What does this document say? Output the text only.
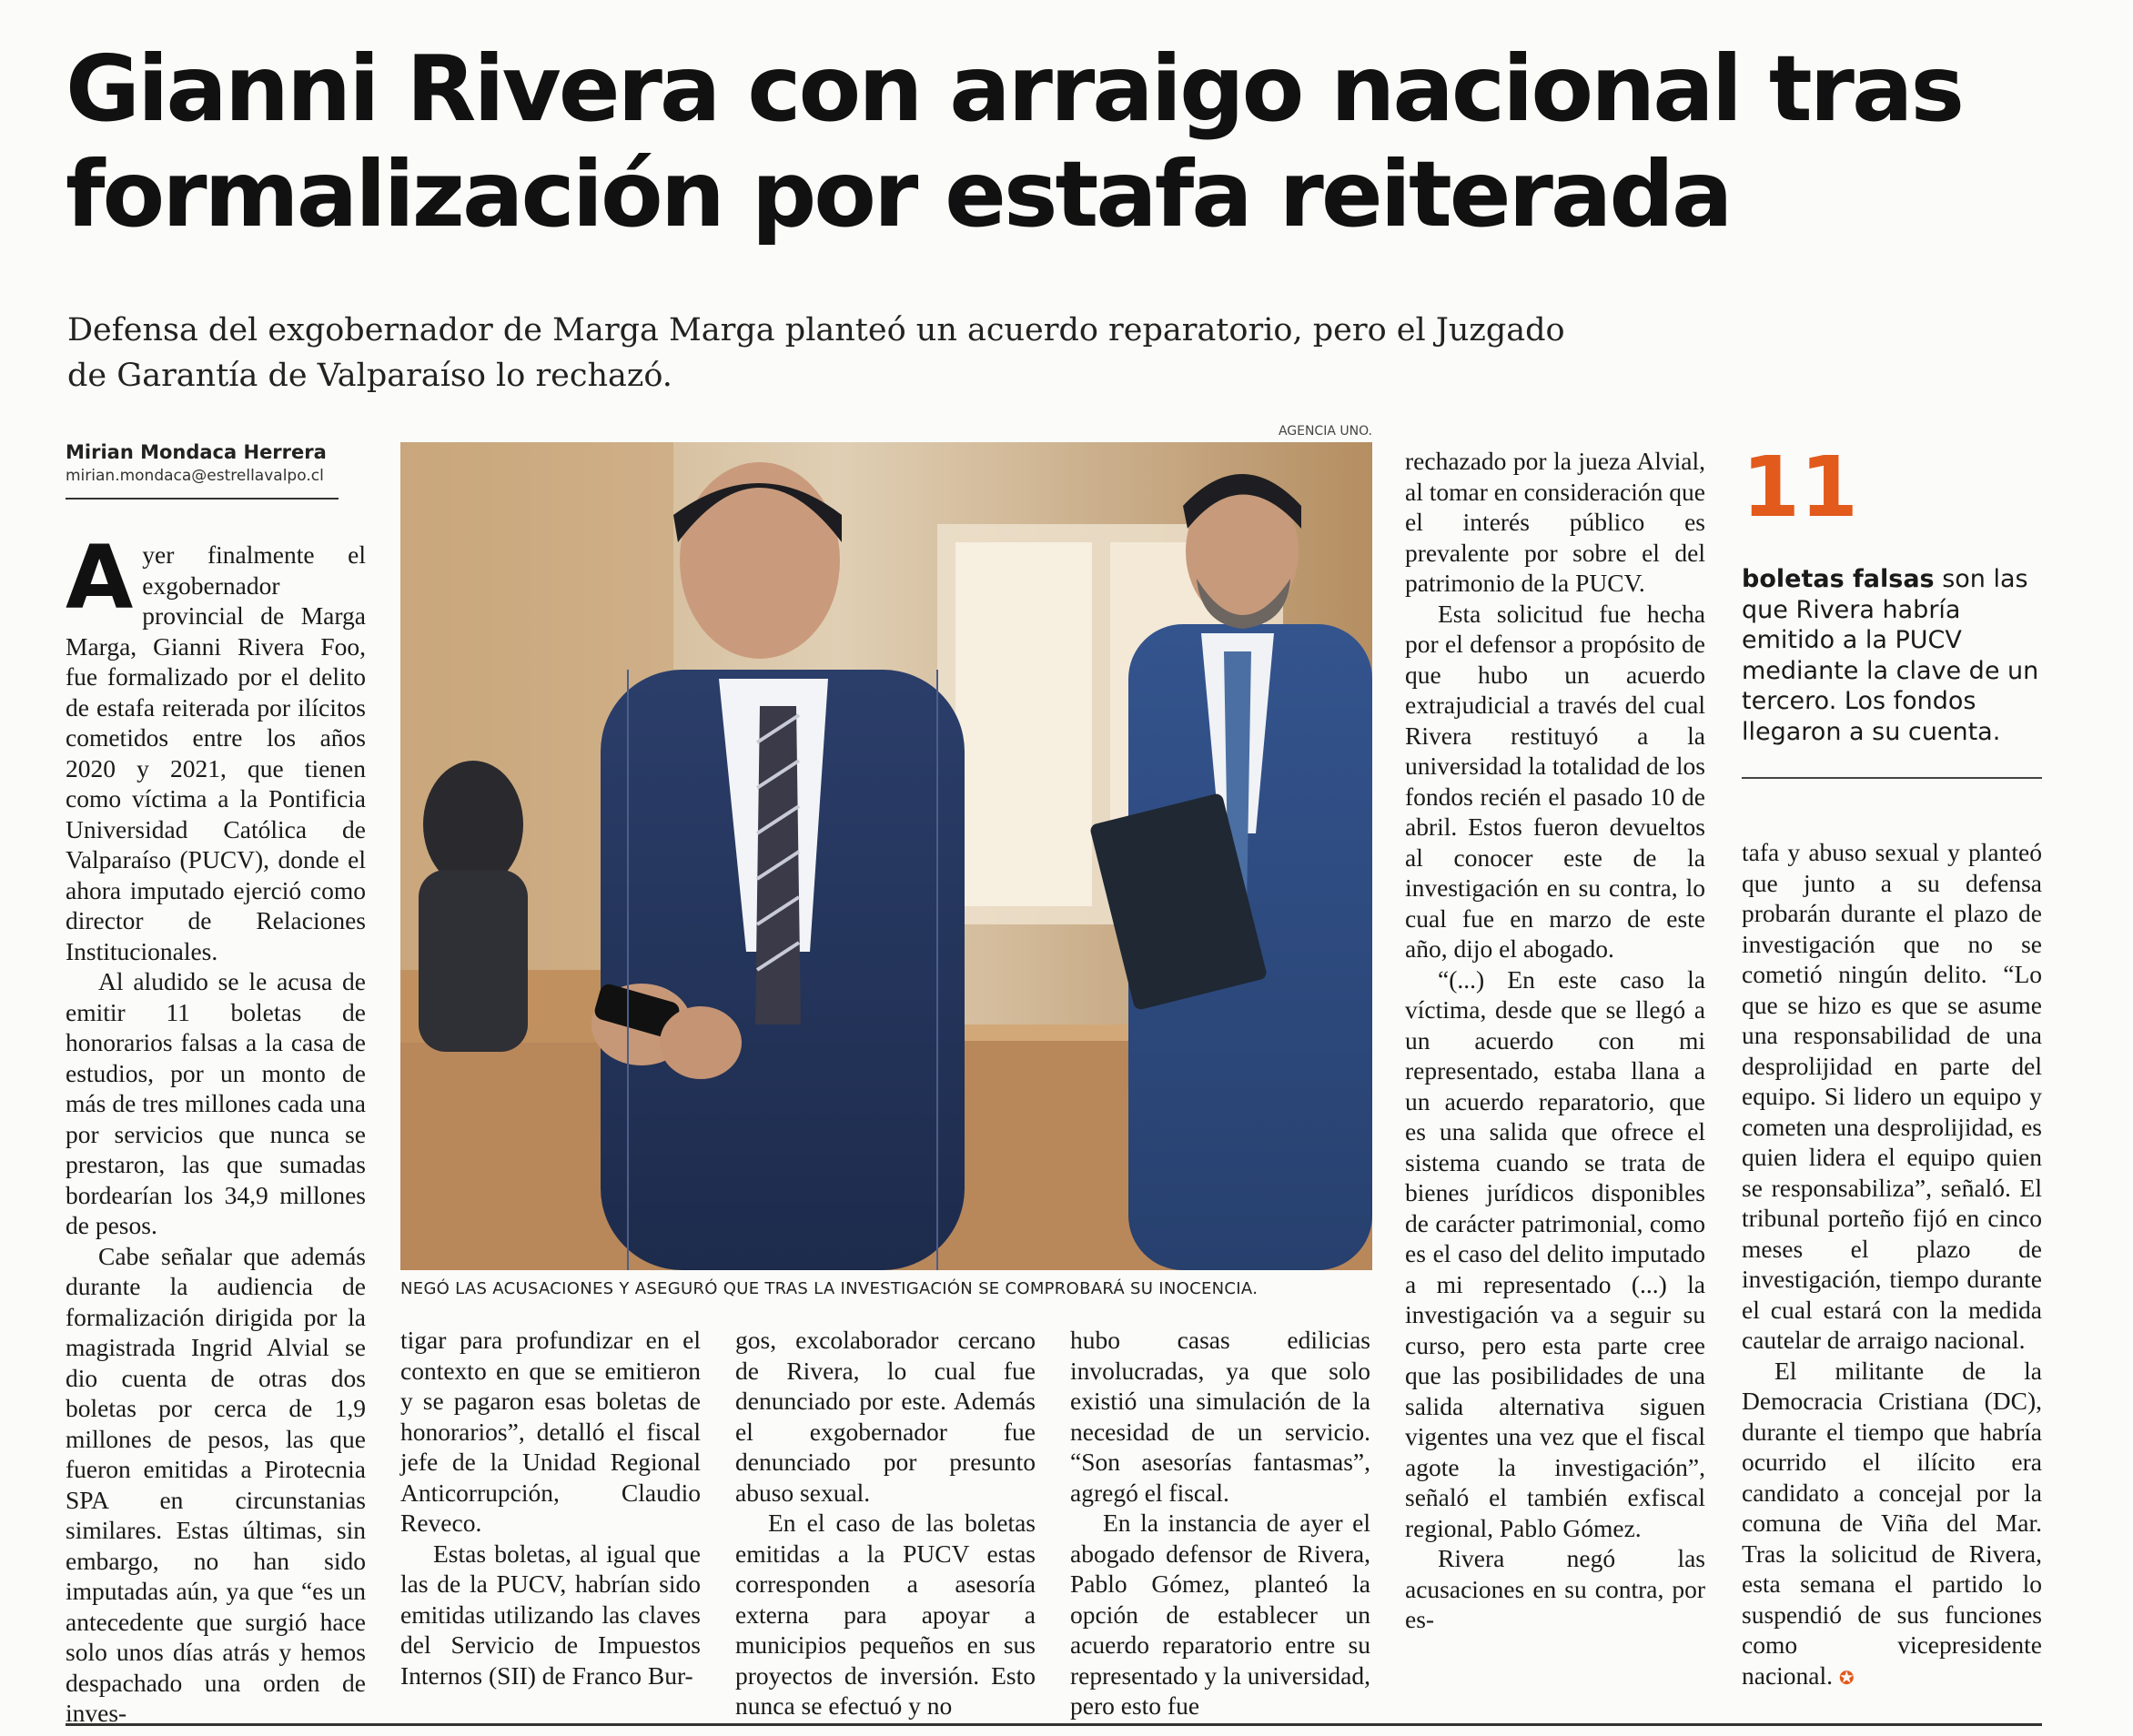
Gianni Rivera con arraigo nacional tras
formalización por estafa reiterada
Defensa del exgobernador de Marga Marga planteó un acuerdo reparatorio, pero el Juzgado
de Garantía de Valparaíso lo rechazó.
Mirian Mondaca Herrera
mirian.mondaca@estrellavalpo.cl

Ayer finalmente el exgobernador provincial de Marga Marga, Gianni Rivera Foo, fue formalizado por el delito de estafa reiterada por ilícitos cometidos entre los años 2020 y 2021, que tienen como víctima a la Pontificia Universidad Católica de Valparaíso (PUCV), donde el ahora imputado ejerció como director de Relaciones Institucionales.

Al aludido se le acusa de emitir 11 boletas de honorarios falsas a la casa de estudios, por un monto de más de tres millones cada una por servicios que nunca se prestaron, las que sumadas bordearían los 34,9 millones de pesos.

Cabe señalar que además durante la audiencia de formalización dirigida por la magistrada Ingrid Alvial se dio cuenta de otras dos boletas por cerca de 1,9 millones de pesos, las que fueron emitidas a Pirotecnia SPA en circunstanias similares. Estas últimas, sin embargo, no han sido imputadas aún, ya que “es un antecedente que surgió hace solo unos días atrás y hemos despachado una orden de inves-

AGENCIA UNO.
NEGÓ LAS ACUSACIONES Y ASEGURÓ QUE TRAS LA INVESTIGACIÓN SE COMPROBARÁ SU INOCENCIA.

tigar para profundizar en el contexto en que se emitieron y se pagaron esas boletas de honorarios”, detalló el fiscal jefe de la Unidad Regional Anticorrupción, Claudio Reveco.

Estas boletas, al igual que las de la PUCV, habrían sido emitidas utilizando las claves del Servicio de Impuestos Internos (SII) de Franco Bur-

gos, excolaborador cercano de Rivera, lo cual fue denunciado por este. Además el exgobernador fue denunciado por presunto abuso sexual.

En el caso de las boletas emitidas a la PUCV estas corresponden a asesoría externa para apoyar a municipios pequeños en sus proyectos de inversión. Esto nunca se efectuó y no

hubo casas edilicias involucradas, ya que solo existió una simulación de la necesidad de un servicio. “Son asesorías fantasmas”, agregó el fiscal.

En la instancia de ayer el abogado defensor de Rivera, Pablo Gómez, planteó la opción de establecer un acuerdo reparatorio entre su representado y la universidad, pero esto fue

rechazado por la jueza Alvial, al tomar en consideración que el interés público es prevalente por sobre el del patrimonio de la PUCV.

Esta solicitud fue hecha por el defensor a propósito de que hubo un acuerdo extrajudicial a través del cual Rivera restituyó a la universidad la totalidad de los fondos recién el pasado 10 de abril. Estos fueron devueltos al conocer este de la investigación en su contra, lo cual fue en marzo de este año, dijo el abogado.

“(...) En este caso la víctima, desde que se llegó a un acuerdo con mi representado, estaba llana a un acuerdo reparatorio, que es una salida que ofrece el sistema cuando se trata de bienes jurídicos disponibles de carácter patrimonial, como es el caso del delito imputado a mi representado (...) la investigación va a seguir su curso, pero esta parte cree que las posibilidades de una salida alternativa siguen vigentes una vez que el fiscal agote la investigación”, señaló el también exfiscal regional, Pablo Gómez.

Rivera negó las acusaciones en su contra, por es-

11
boletas falsas son las que Rivera habría emitido a la PUCV mediante la clave de un tercero. Los fondos llegaron a su cuenta.

tafa y abuso sexual y planteó que junto a su defensa probarán durante el plazo de investigación que no se cometió ningún delito. “Lo que se hizo es que se asume una responsabilidad de una desprolijidad en parte del equipo. Si lidero un equipo y cometen una desprolijidad, es quien lidera el equipo quien se responsabiliza”, señaló. El tribunal porteño fijó en cinco meses el plazo de investigación, tiempo durante el cual estará con la medida cautelar de arraigo nacional.

El militante de la Democracia Cristiana (DC), durante el tiempo que habría ocurrido el ilícito era candidato a concejal por la comuna de Viña del Mar. Tras la solicitud de Rivera, esta semana el partido lo suspendió de sus funciones como vicepresidente nacional. ✪
